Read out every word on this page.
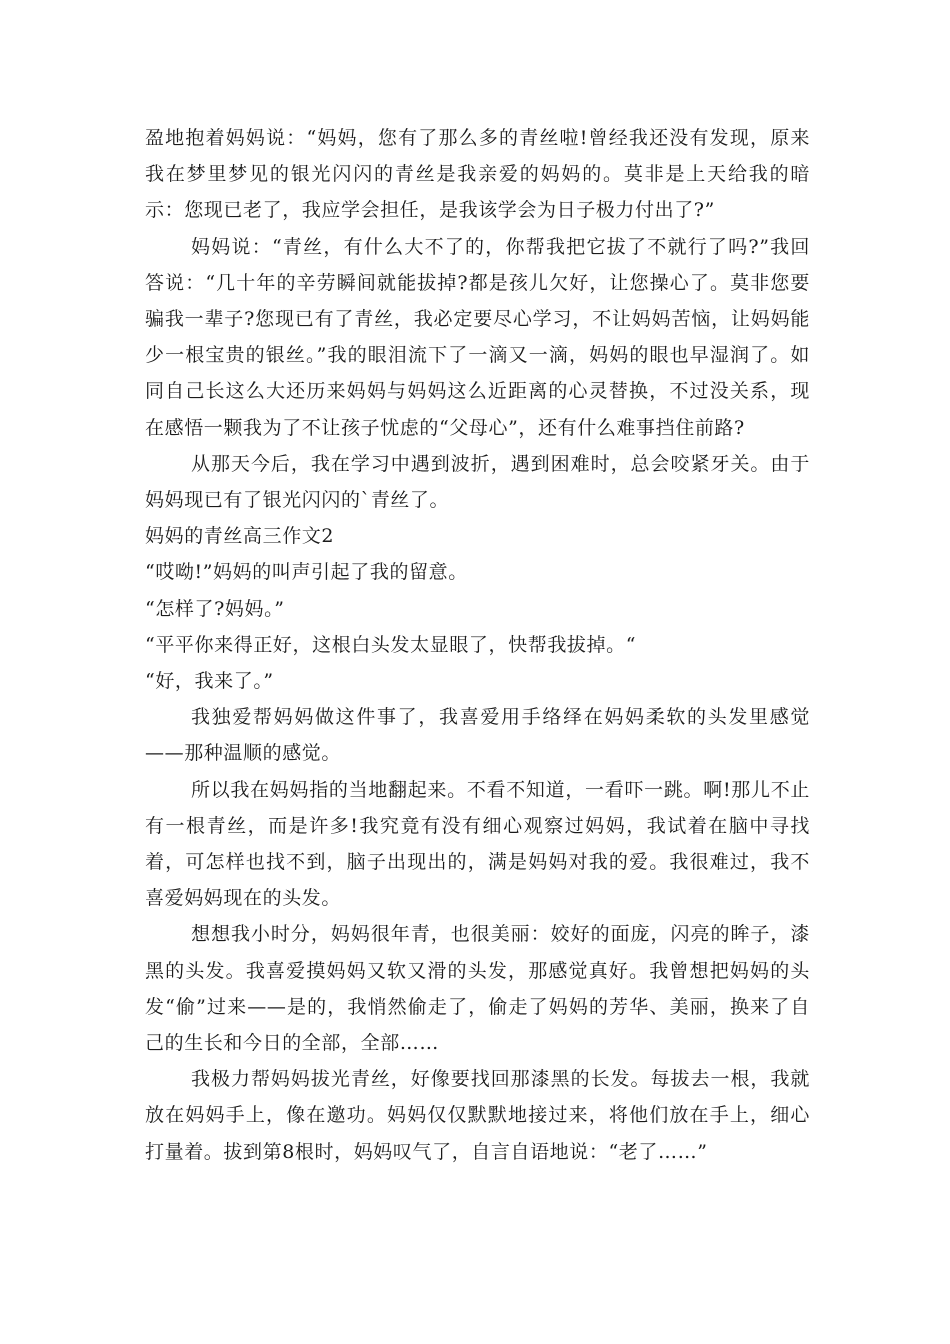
盈地抱着妈妈说：“妈妈，您有了那么多的青丝啦!曾经我还没有发现，原来我在梦里梦见的银光闪闪的青丝是我亲爱的妈妈的。莫非是上天给我的暗示：您现已老了，我应学会担任，是我该学会为日子极力付出了?”

妈妈说：“青丝，有什么大不了的，你帮我把它拔了不就行了吗?”我回答说：“几十年的辛劳瞬间就能拔掉?都是孩儿欠好，让您操心了。莫非您要骗我一辈子?您现已有了青丝，我必定要尽心学习，不让妈妈苦恼，让妈妈能少一根宝贵的银丝。”我的眼泪流下了一滴又一滴，妈妈的眼也早湿润了。如同自己长这么大还历来妈妈与妈妈这么近距离的心灵替换，不过没关系，现在感悟一颗我为了不让孩子忧虑的“父母心”，还有什么难事挡住前路?

从那天今后，我在学习中遇到波折，遇到困难时，总会咬紧牙关。由于妈妈现已有了银光闪闪的`青丝了。

妈妈的青丝高三作文2

“哎呦!”妈妈的叫声引起了我的留意。

“怎样了?妈妈。”

“平平你来得正好，这根白头发太显眼了，快帮我拔掉。“

“好，我来了。”

我独爱帮妈妈做这件事了，我喜爱用手络绎在妈妈柔软的头发里感觉——那种温顺的感觉。

所以我在妈妈指的当地翻起来。不看不知道，一看吓一跳。啊!那儿不止有一根青丝，而是许多!我究竟有没有细心观察过妈妈，我试着在脑中寻找着，可怎样也找不到，脑子出现出的，满是妈妈对我的爱。我很难过，我不喜爱妈妈现在的头发。

想想我小时分，妈妈很年青，也很美丽：姣好的面庞，闪亮的眸子，漆黑的头发。我喜爱摸妈妈又软又滑的头发，那感觉真好。我曾想把妈妈的头发“偷”过来——是的，我悄然偷走了，偷走了妈妈的芳华、美丽，换来了自己的生长和今日的全部，全部……

我极力帮妈妈拔光青丝，好像要找回那漆黑的长发。每拔去一根，我就放在妈妈手上，像在邀功。妈妈仅仅默默地接过来，将他们放在手上，细心打量着。拔到第8根时，妈妈叹气了，自言自语地说：“老了……”
